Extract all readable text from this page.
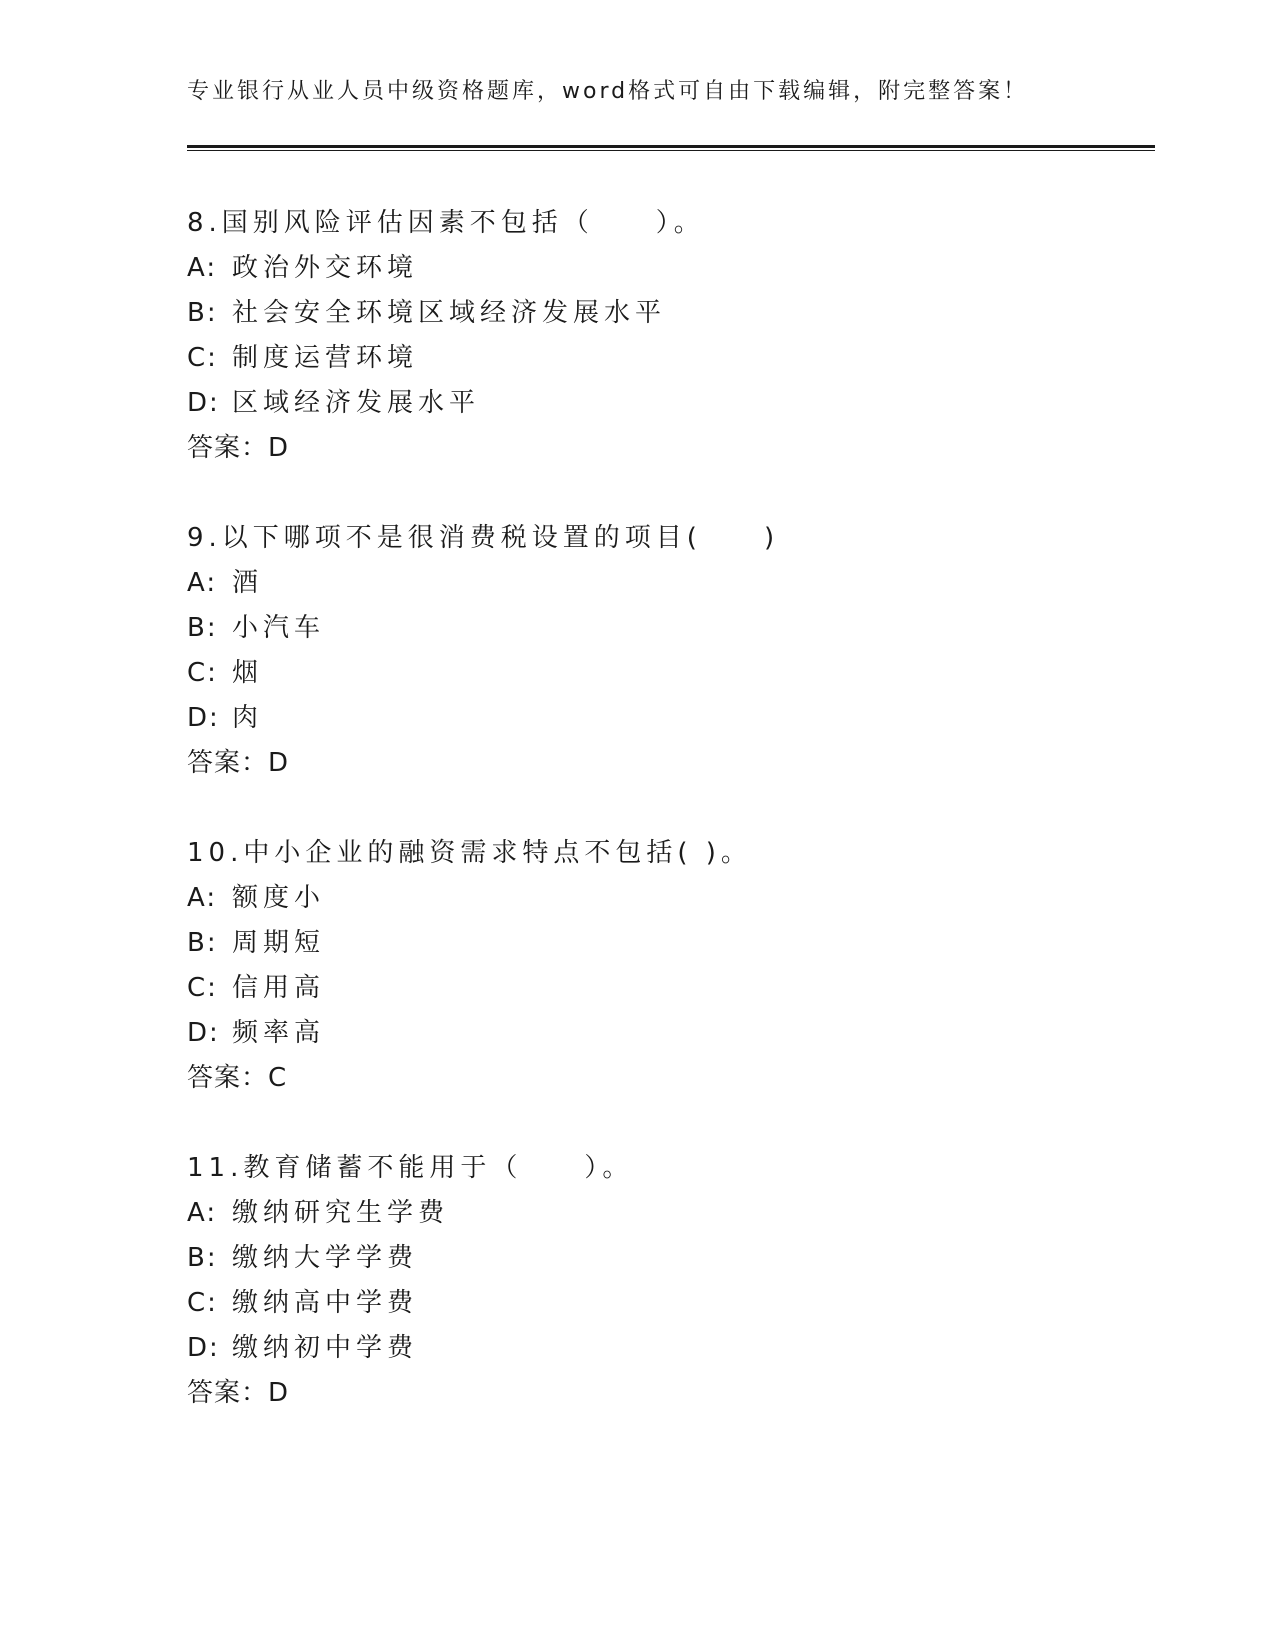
专业银行从业人员中级资格题库，word格式可自由下载编辑，附完整答案！
8.国别风险评估因素不包括（　　）。
A: 政治外交环境
B: 社会安全环境区域经济发展水平
C: 制度运营环境
D: 区域经济发展水平
答案：D
9.以下哪项不是很消费税设置的项目(　　)
A: 酒
B: 小汽车
C: 烟
D: 肉
答案：D
10.中小企业的融资需求特点不包括( )。
A: 额度小
B: 周期短
C: 信用高
D: 频率高
答案：C
11.教育储蓄不能用于（　　）。
A: 缴纳研究生学费
B: 缴纳大学学费
C: 缴纳高中学费
D: 缴纳初中学费
答案：D
